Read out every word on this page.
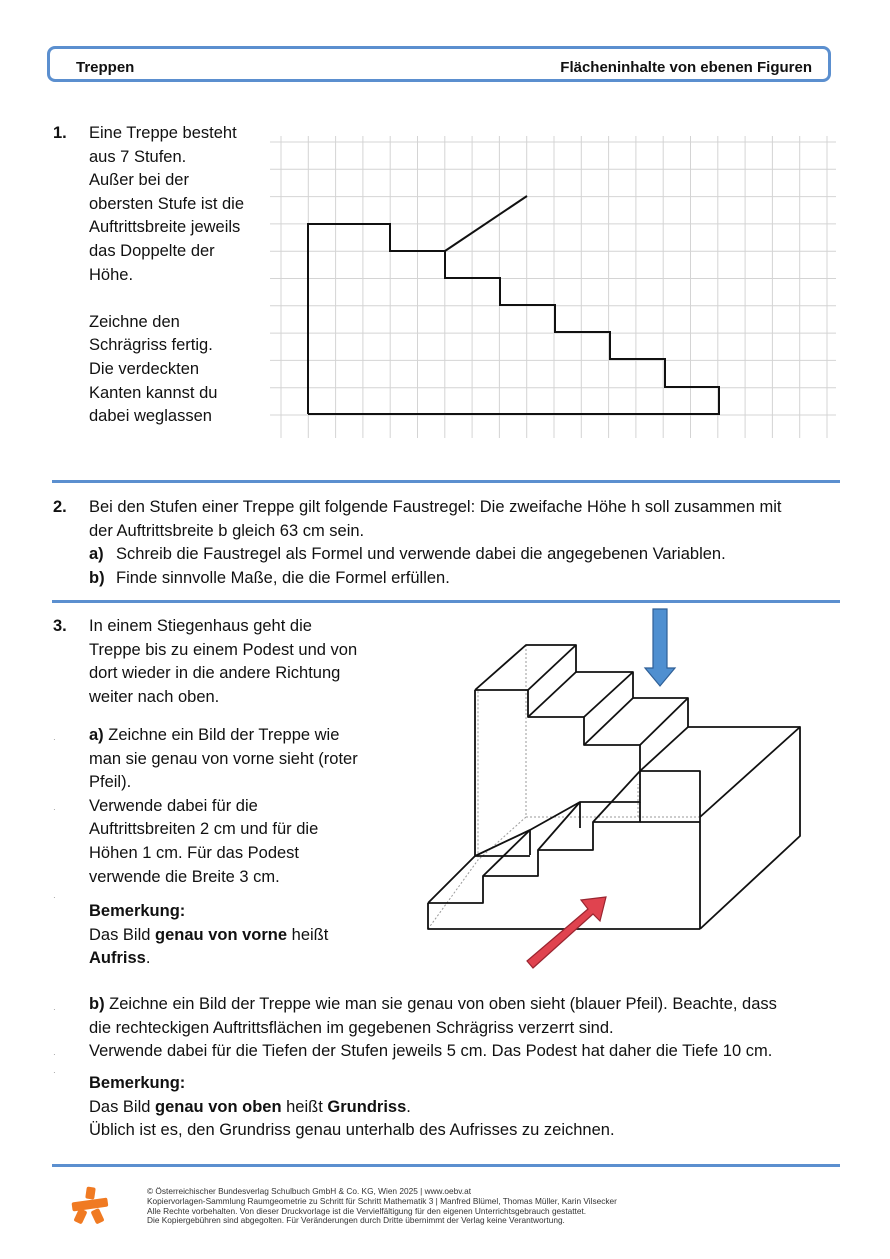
Treppen	Flächeninhalte von ebenen Figuren
1. Eine Treppe besteht
aus 7 Stufen.
Außer bei der
obersten Stufe ist die
Auftrittsbreite jeweils
das Doppelte der
Höhe.
Zeichne den
Schrägriss fertig.
Die verdeckten
Kanten kannst du
dabei weglassen
2. Bei den Stufen einer Treppe gilt folgende Faustregel: Die zweifache Höhe h soll zusammen mit
der Auftrittsbreite b gleich 63 cm sein.
a) Schreib die Faustregel als Formel und verwende dabei die angegebenen Variablen.
b) Finde sinnvolle Maße, die die Formel erfüllen.
3. In einem Stiegenhaus geht die
Treppe bis zu einem Podest und von
dort wieder in die andere Richtung
weiter nach oben.
a) Zeichne ein Bild der Treppe wie
man sie genau von vorne sieht (roter
Pfeil).
Verwende dabei für die
Auftrittsbreiten 2 cm und für die
Höhen 1 cm. Für das Podest
verwende die Breite 3 cm.
Bemerkung:
Das Bild genau von vorne heißt
Aufriss.
b) Zeichne ein Bild der Treppe wie man sie genau von oben sieht (blauer Pfeil). Beachte, dass
die rechteckigen Auftrittsflächen im gegebenen Schrägriss verzerrt sind.
Verwende dabei für die Tiefen der Stufen jeweils 5 cm. Das Podest hat daher die Tiefe 10 cm.
Bemerkung:
Das Bild genau von oben heißt Grundriss.
Üblich ist es, den Grundriss genau unterhalb des Aufrisses zu zeichnen.
·
·
·
·
·
·
© Österreichischer Bundesverlag Schulbuch GmbH & Co. KG, Wien 2025 | www.oebv.at
Kopiervorlagen-Sammlung Raumgeometrie zu Schritt für Schritt Mathematik 3 | Manfred Blümel, Thomas Müller, Karin Vilsecker
Alle Rechte vorbehalten. Von dieser Druckvorlage ist die Vervielfältigung für den eigenen Unterrichtsgebrauch gestattet.
Die Kopiergebühren sind abgegolten. Für Veränderungen durch Dritte übernimmt der Verlag keine Verantwortung.
